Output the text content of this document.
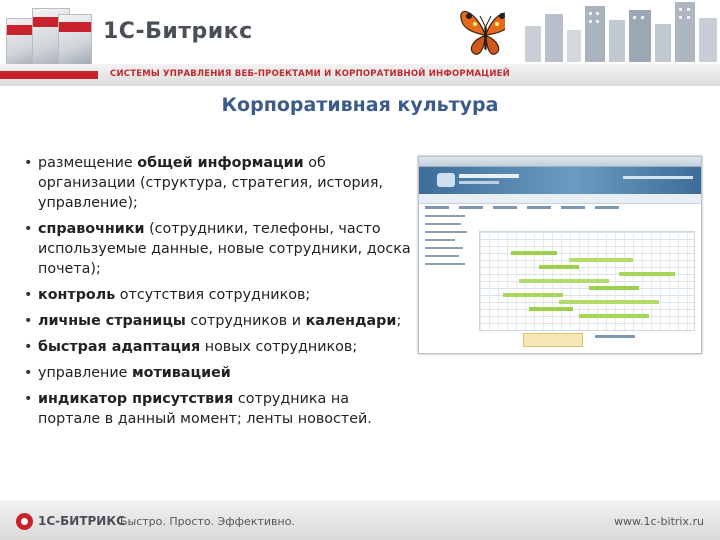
1С-Битрикс
СИСТЕМЫ УПРАВЛЕНИЯ ВЕБ-ПРОЕКТАМИ И КОРПОРАТИВНОЙ ИНФОРМАЦИЕЙ
Корпоративная культура
• размещение общей информации об организации (структура, стратегия, история, управление);
• справочники (сотрудники, телефоны, часто используемые данные, новые сотрудники, доска почета);
• контроль отсутствия сотрудников;
• личные страницы сотрудников и календари;
• быстрая адаптация новых сотрудников;
• управление мотивацией
• индикатор присутствия сотрудника на портале в данный момент; ленты новостей.
1С-БИТРИКС
Быстро. Просто. Эффективно.	www.1c-bitrix.ru
